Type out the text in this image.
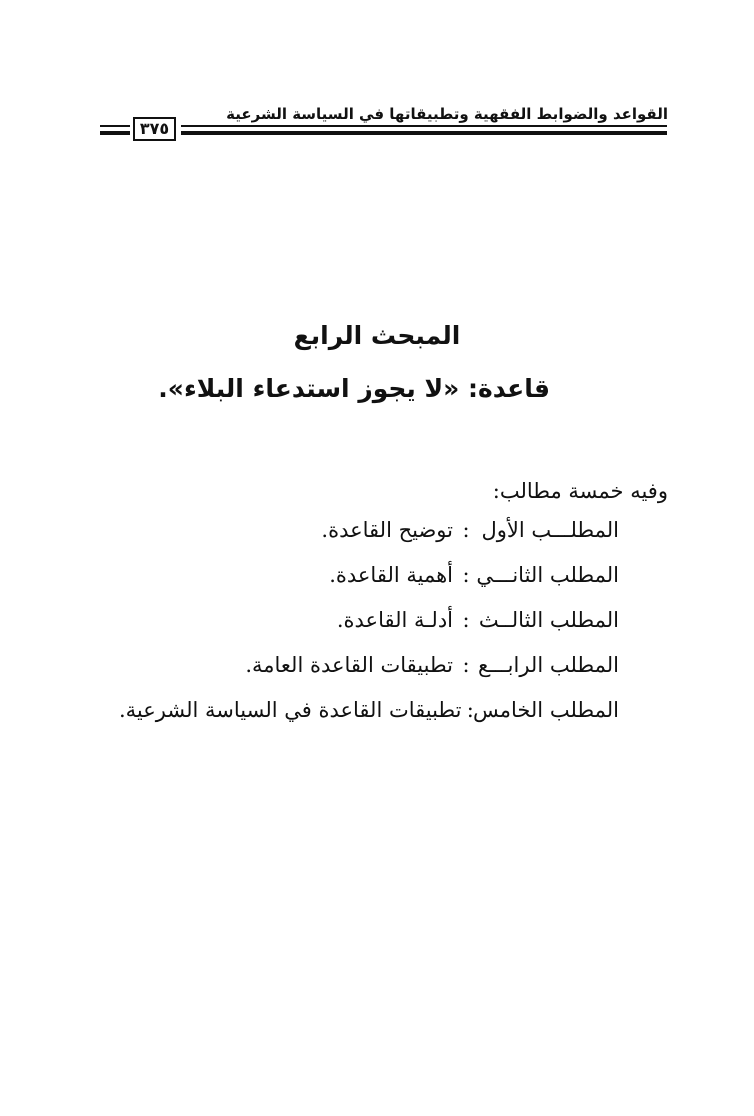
القواعد والضوابط الفقهية وتطبيقاتها في السياسة الشرعية
٣٧٥
المبحث الرابع
قاعدة: «لا يجوز استدعاء البلاء».
وفيه خمسة مطالب:
المطلـــب الأول
:
توضيح القاعدة.
المطلب الثانـــي
:
أهمية القاعدة.
المطلب الثالــث
:
أدلـة القاعدة.
المطلب الرابـــع
:
تطبيقات القاعدة العامة.
المطلب الخامس
:
تطبيقات القاعدة في السياسة الشرعية.
